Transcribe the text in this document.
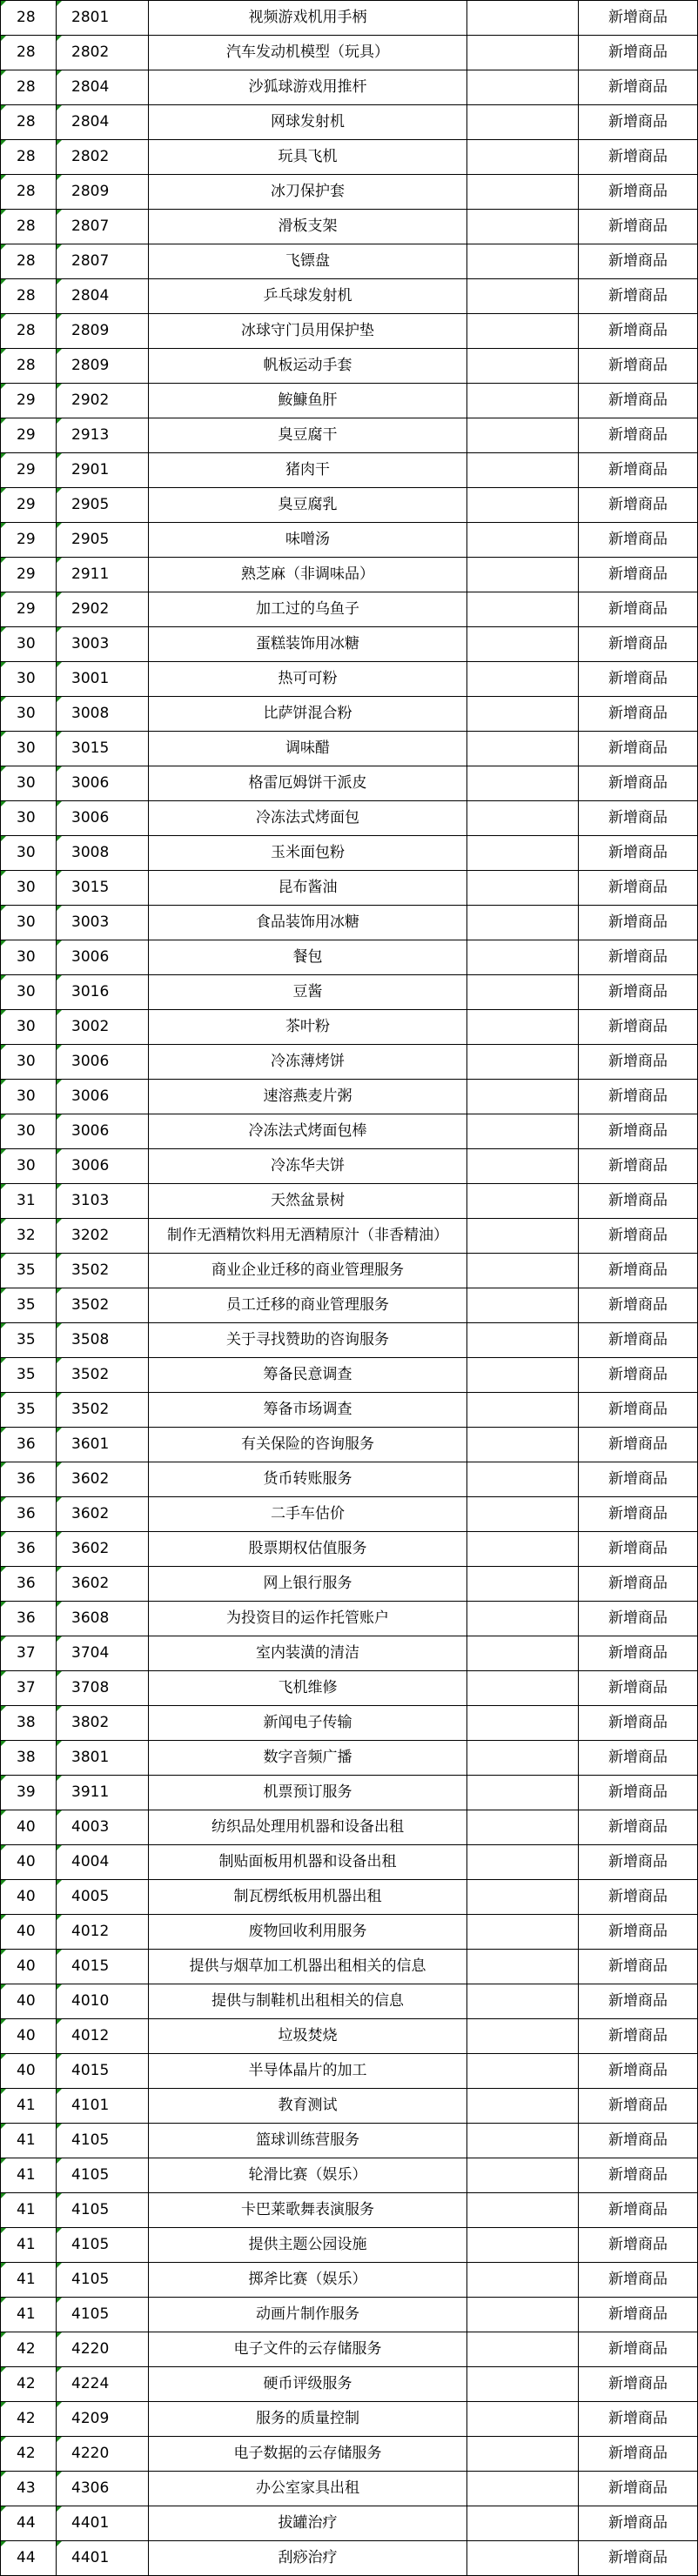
28	2801	视频游戏机用手柄		新增商品
28	2802	汽车发动机模型（玩具）		新增商品
28	2804	沙狐球游戏用推杆		新增商品
28	2804	网球发射机		新增商品
28	2802	玩具飞机		新增商品
28	2809	冰刀保护套		新增商品
28	2807	滑板支架		新增商品
28	2807	飞镖盘		新增商品
28	2804	乒乓球发射机		新增商品
28	2809	冰球守门员用保护垫		新增商品
28	2809	帆板运动手套		新增商品
29	2902	鮟鱇鱼肝		新增商品
29	2913	臭豆腐干		新增商品
29	2901	猪肉干		新增商品
29	2905	臭豆腐乳		新增商品
29	2905	味噌汤		新增商品
29	2911	熟芝麻（非调味品）		新增商品
29	2902	加工过的乌鱼子		新增商品
30	3003	蛋糕装饰用冰糖		新增商品
30	3001	热可可粉		新增商品
30	3008	比萨饼混合粉		新增商品
30	3015	调味醋		新增商品
30	3006	格雷厄姆饼干派皮		新增商品
30	3006	冷冻法式烤面包		新增商品
30	3008	玉米面包粉		新增商品
30	3015	昆布酱油		新增商品
30	3003	食品装饰用冰糖		新增商品
30	3006	餐包		新增商品
30	3016	豆酱		新增商品
30	3002	茶叶粉		新增商品
30	3006	冷冻薄烤饼		新增商品
30	3006	速溶燕麦片粥		新增商品
30	3006	冷冻法式烤面包棒		新增商品
30	3006	冷冻华夫饼		新增商品
31	3103	天然盆景树		新增商品
32	3202	制作无酒精饮料用无酒精原汁（非香精油）		新增商品
35	3502	商业企业迁移的商业管理服务		新增商品
35	3502	员工迁移的商业管理服务		新增商品
35	3508	关于寻找赞助的咨询服务		新增商品
35	3502	筹备民意调查		新增商品
35	3502	筹备市场调查		新增商品
36	3601	有关保险的咨询服务		新增商品
36	3602	货币转账服务		新增商品
36	3602	二手车估价		新增商品
36	3602	股票期权估值服务		新增商品
36	3602	网上银行服务		新增商品
36	3608	为投资目的运作托管账户		新增商品
37	3704	室内装潢的清洁		新增商品
37	3708	飞机维修		新增商品
38	3802	新闻电子传输		新增商品
38	3801	数字音频广播		新增商品
39	3911	机票预订服务		新增商品
40	4003	纺织品处理用机器和设备出租		新增商品
40	4004	制贴面板用机器和设备出租		新增商品
40	4005	制瓦楞纸板用机器出租		新增商品
40	4012	废物回收利用服务		新增商品
40	4015	提供与烟草加工机器出租相关的信息		新增商品
40	4010	提供与制鞋机出租相关的信息		新增商品
40	4012	垃圾焚烧		新增商品
40	4015	半导体晶片的加工		新增商品
41	4101	教育测试		新增商品
41	4105	篮球训练营服务		新增商品
41	4105	轮滑比赛（娱乐）		新增商品
41	4105	卡巴莱歌舞表演服务		新增商品
41	4105	提供主题公园设施		新增商品
41	4105	掷斧比赛（娱乐）		新增商品
41	4105	动画片制作服务		新增商品
42	4220	电子文件的云存储服务		新增商品
42	4224	硬币评级服务		新增商品
42	4209	服务的质量控制		新增商品
42	4220	电子数据的云存储服务		新增商品
43	4306	办公室家具出租		新增商品
44	4401	拔罐治疗		新增商品
44	4401	刮痧治疗		新增商品
